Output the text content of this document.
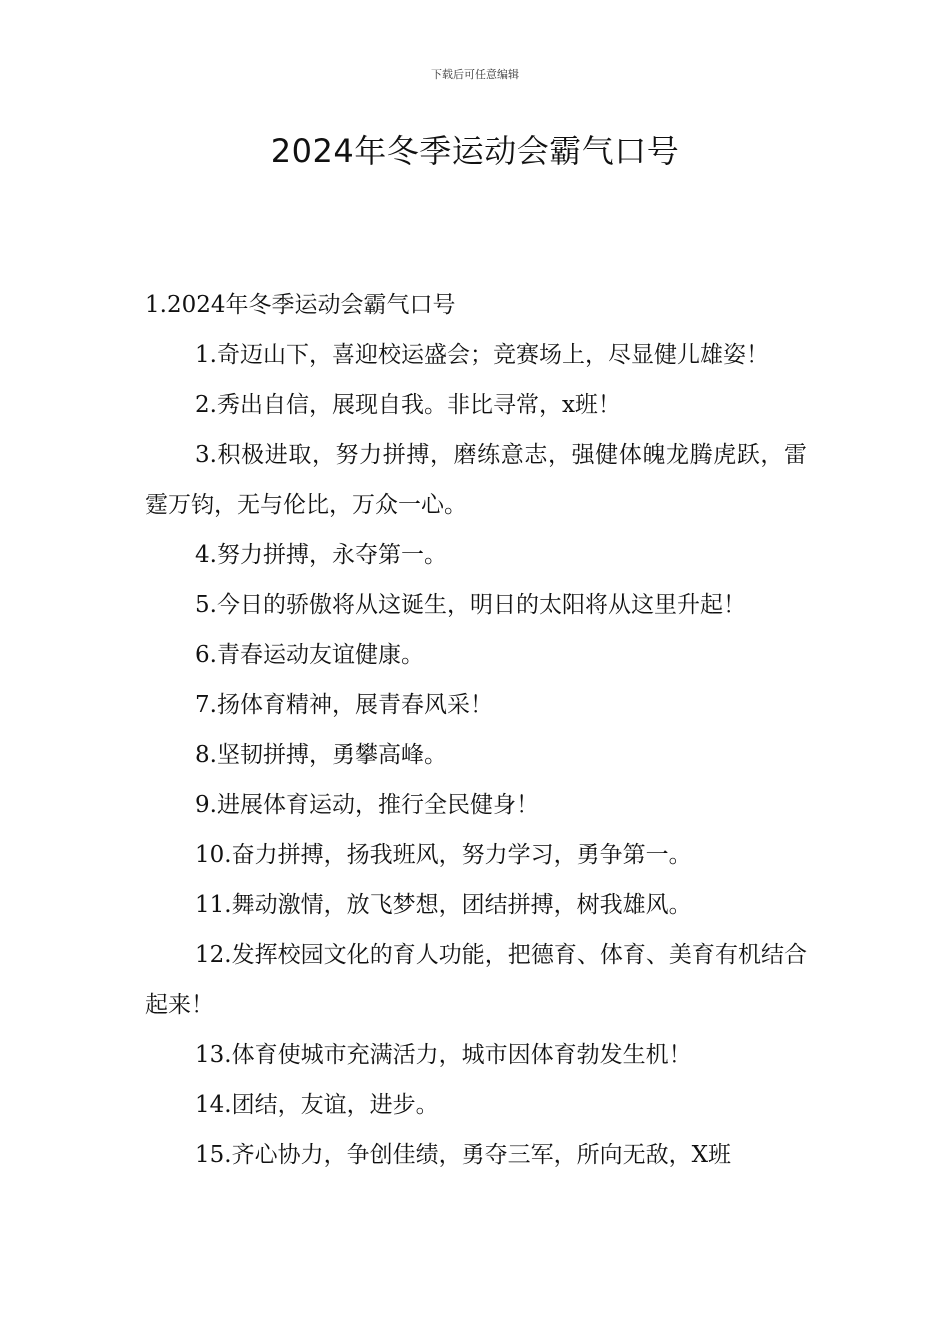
下载后可任意编辑
2024年冬季运动会霸气口号

1.2024年冬季运动会霸气口号

1.奇迈山下，喜迎校运盛会；竞赛场上，尽显健儿雄姿！

2.秀出自信，展现自我。非比寻常，x班！

3.积极进取，努力拼搏，磨练意志，强健体魄龙腾虎跃，雷霆万钧，无与伦比，万众一心。

4.努力拼搏，永夺第一。

5.今日的骄傲将从这诞生，明日的太阳将从这里升起！

6.青春运动友谊健康。

7.扬体育精神，展青春风采！

8.坚韧拼搏，勇攀高峰。

9.进展体育运动，推行全民健身！

10.奋力拼搏，扬我班风，努力学习，勇争第一。

11.舞动激情，放飞梦想，团结拼搏，树我雄风。

12.发挥校园文化的育人功能，把德育、体育、美育有机结合起来！

13.体育使城市充满活力，城市因体育勃发生机！

14.团结，友谊，进步。

15.齐心协力，争创佳绩，勇夺三军，所向无敌，X班
